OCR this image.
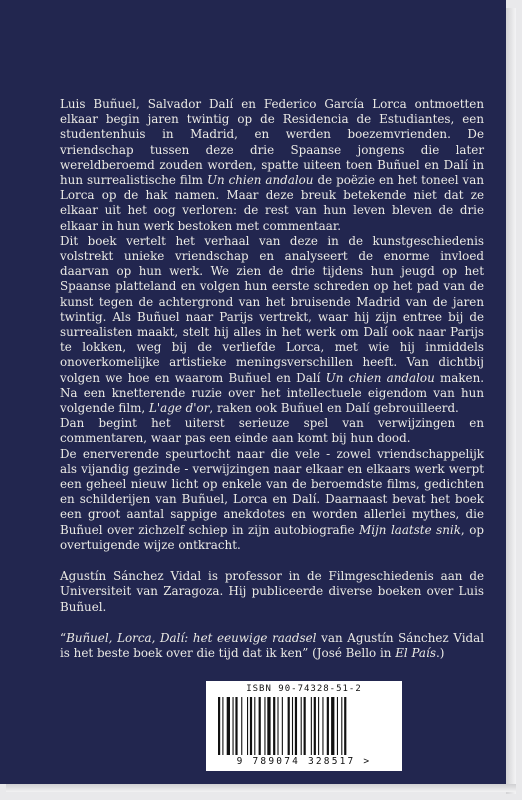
Luis Buñuel, Salvador Dalí en Federico García Lorca ontmoetten elkaar begin jaren twintig op de Residencia de Estudiantes, een studentenhuis in Madrid, en werden boezemvrienden. De vriendschap tussen deze drie Spaanse jongens die later wereldberoemd zouden worden, spatte uiteen toen Buñuel en Dalí in hun surrealistische film Un chien andalou de poëzie en het toneel van Lorca op de hak namen. Maar deze breuk betekende niet dat ze elkaar uit het oog verloren: de rest van hun leven bleven de drie elkaar in hun werk bestoken met commentaar.

Dit boek vertelt het verhaal van deze in de kunstgeschiedenis volstrekt unieke vriendschap en analyseert de enorme invloed daarvan op hun werk. We zien de drie tijdens hun jeugd op het Spaanse platteland en volgen hun eerste schreden op het pad van de kunst tegen de achtergrond van het bruisende Madrid van de jaren twintig. Als Buñuel naar Parijs vertrekt, waar hij zijn entree bij de surrealisten maakt, stelt hij alles in het werk om Dalí ook naar Parijs te lokken, weg bij de verliefde Lorca, met wie hij inmiddels onoverkomelijke artistieke meningsverschillen heeft. Van dichtbij volgen we hoe en waarom Buñuel en Dalí Un chien andalou maken. Na een knetterende ruzie over het intellectuele eigendom van hun volgende film, L'age d'or, raken ook Buñuel en Dalí gebrouilleerd.

Dan begint het uiterst serieuze spel van verwijzingen en commentaren, waar pas een einde aan komt bij hun dood.

De enerverende speurtocht naar die vele - zowel vriendschappelijk als vijandig gezinde - verwijzingen naar elkaar en elkaars werk werpt een geheel nieuw licht op enkele van de beroemdste films, gedichten en schilderijen van Buñuel, Lorca en Dalí. Daarnaast bevat het boek een groot aantal sappige anekdotes en worden allerlei mythes, die Buñuel over zichzelf schiep in zijn autobiografie Mijn laatste snik, op overtuigende wijze ontkracht.

Agustín Sánchez Vidal is professor in de Filmgeschiedenis aan de Universiteit van Zaragoza. Hij publiceerde diverse boeken over Luis Buñuel.

“Buñuel, Lorca, Dalí: het eeuwige raadsel van Agustín Sánchez Vidal is het beste boek over die tijd dat ik ken” (José Bello in El País.)

ISBN 90-74328-51-2
9 789074 328517 >
